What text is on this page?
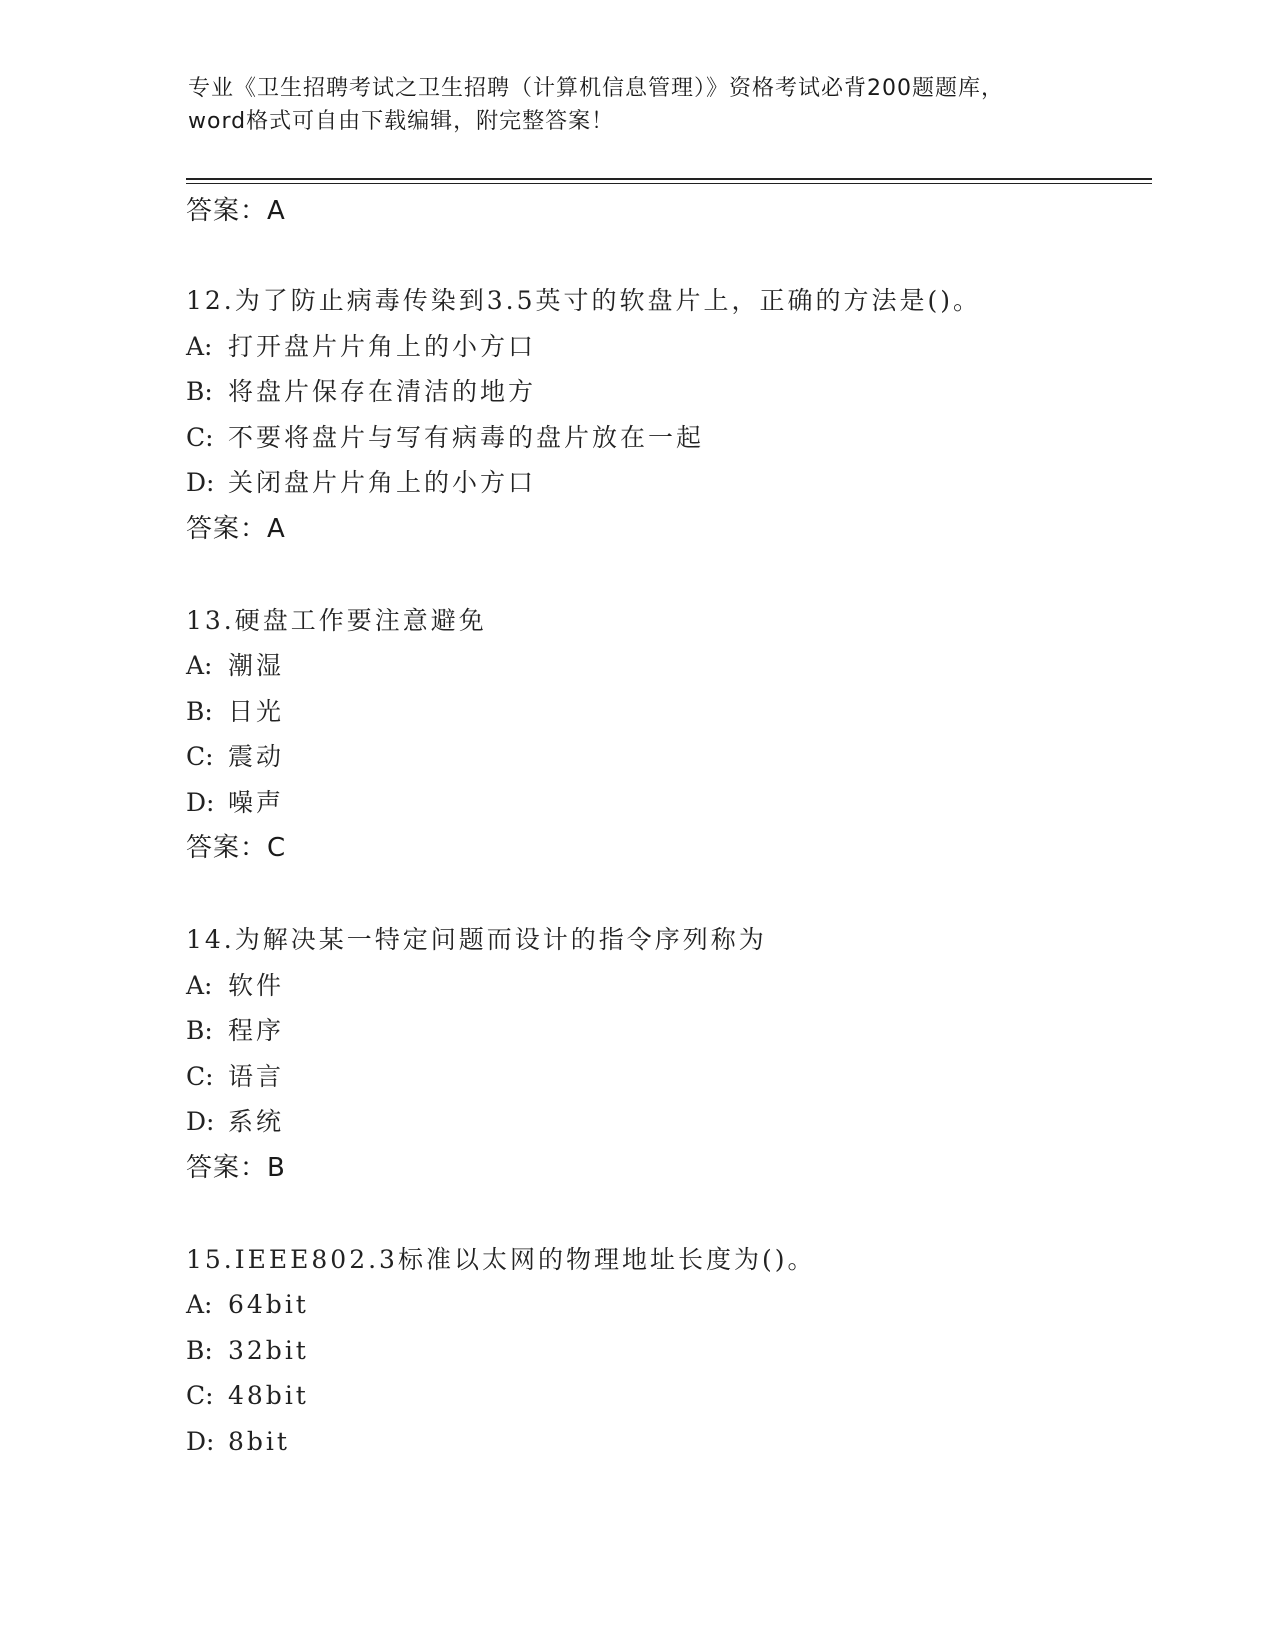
专业《卫生招聘考试之卫生招聘（计算机信息管理）》资格考试必背200题题库，
word格式可自由下载编辑，附完整答案！
答案：A
12.为了防止病毒传染到3.5英寸的软盘片上，正确的方法是()。
A: 打开盘片片角上的小方口
B: 将盘片保存在清洁的地方
C: 不要将盘片与写有病毒的盘片放在一起
D: 关闭盘片片角上的小方口
答案：A
13.硬盘工作要注意避免
A: 潮湿
B: 日光
C: 震动
D: 噪声
答案：C
14.为解决某一特定问题而设计的指令序列称为
A: 软件
B: 程序
C: 语言
D: 系统
答案：B
15.IEEE802.3标准以太网的物理地址长度为()。
A: 64bit
B: 32bit
C: 48bit
D: 8bit
